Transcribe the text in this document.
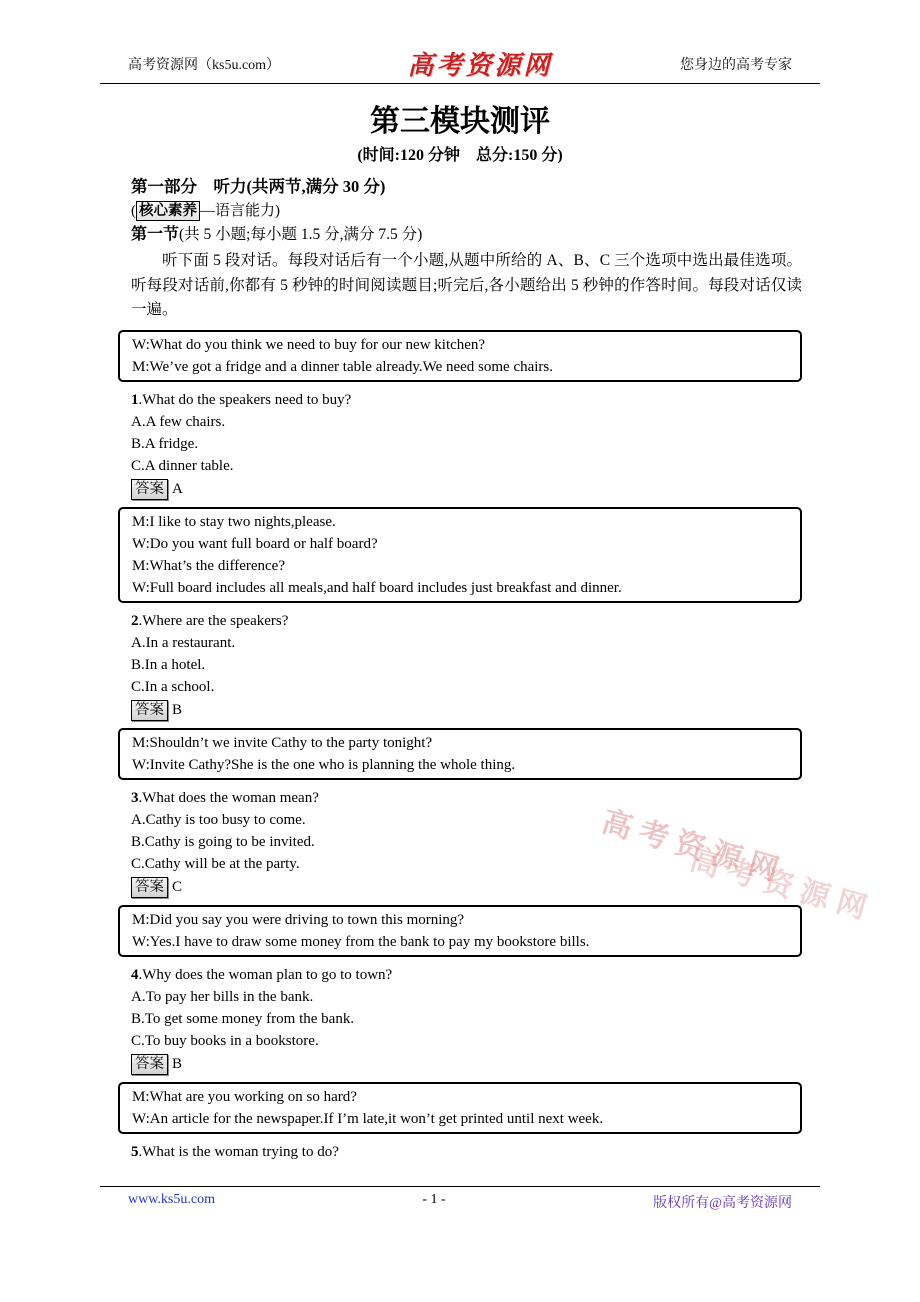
高考资源网
高考资源网
高考资源网（ks5u.com）	高考资源网	您身边的高考专家
第三模块测评
(时间:120 分钟　总分:150 分)
第一部分　听力(共两节,满分 30 分)
( 核心素养 —语言能力)
第一节(共 5 小题;每小题 1.5 分,满分 7.5 分)

听下面 5 段对话。每段对话后有一个小题,从题中所给的 A、B、C 三个选项中选出最佳选项。听每段对话前,你都有 5 秒钟的时间阅读题目;听完后,各小题给出 5 秒钟的作答时间。每段对话仅读一遍。

W:What do you think we need to buy for our new kitchen?
M:We’ve got a fridge and a dinner table already.We need some chairs.
1.What do the speakers need to buy?
A.A few chairs.
B.A fridge.
C.A dinner table.
答案 A
M:I like to stay two nights,please.
W:Do you want full board or half board?
M:What’s the difference?
W:Full board includes all meals,and half board includes just breakfast and dinner.
2.Where are the speakers?
A.In a restaurant.
B.In a hotel.
C.In a school.
答案 B
M:Shouldn’t we invite Cathy to the party tonight?
W:Invite Cathy?She is the one who is planning the whole thing.
3.What does the woman mean?
A.Cathy is too busy to come.
B.Cathy is going to be invited.
C.Cathy will be at the party.
答案 C
M:Did you say you were driving to town this morning?
W:Yes.I have to draw some money from the bank to pay my bookstore bills.
4.Why does the woman plan to go to town?
A.To pay her bills in the bank.
B.To get some money from the bank.
C.To buy books in a bookstore.
答案 B
M:What are you working on so hard?
W:An article for the newspaper.If I’m late,it won’t get printed until next week.
5.What is the woman trying to do?
www.ks5u.com	- 1 -	版权所有@高考资源网
